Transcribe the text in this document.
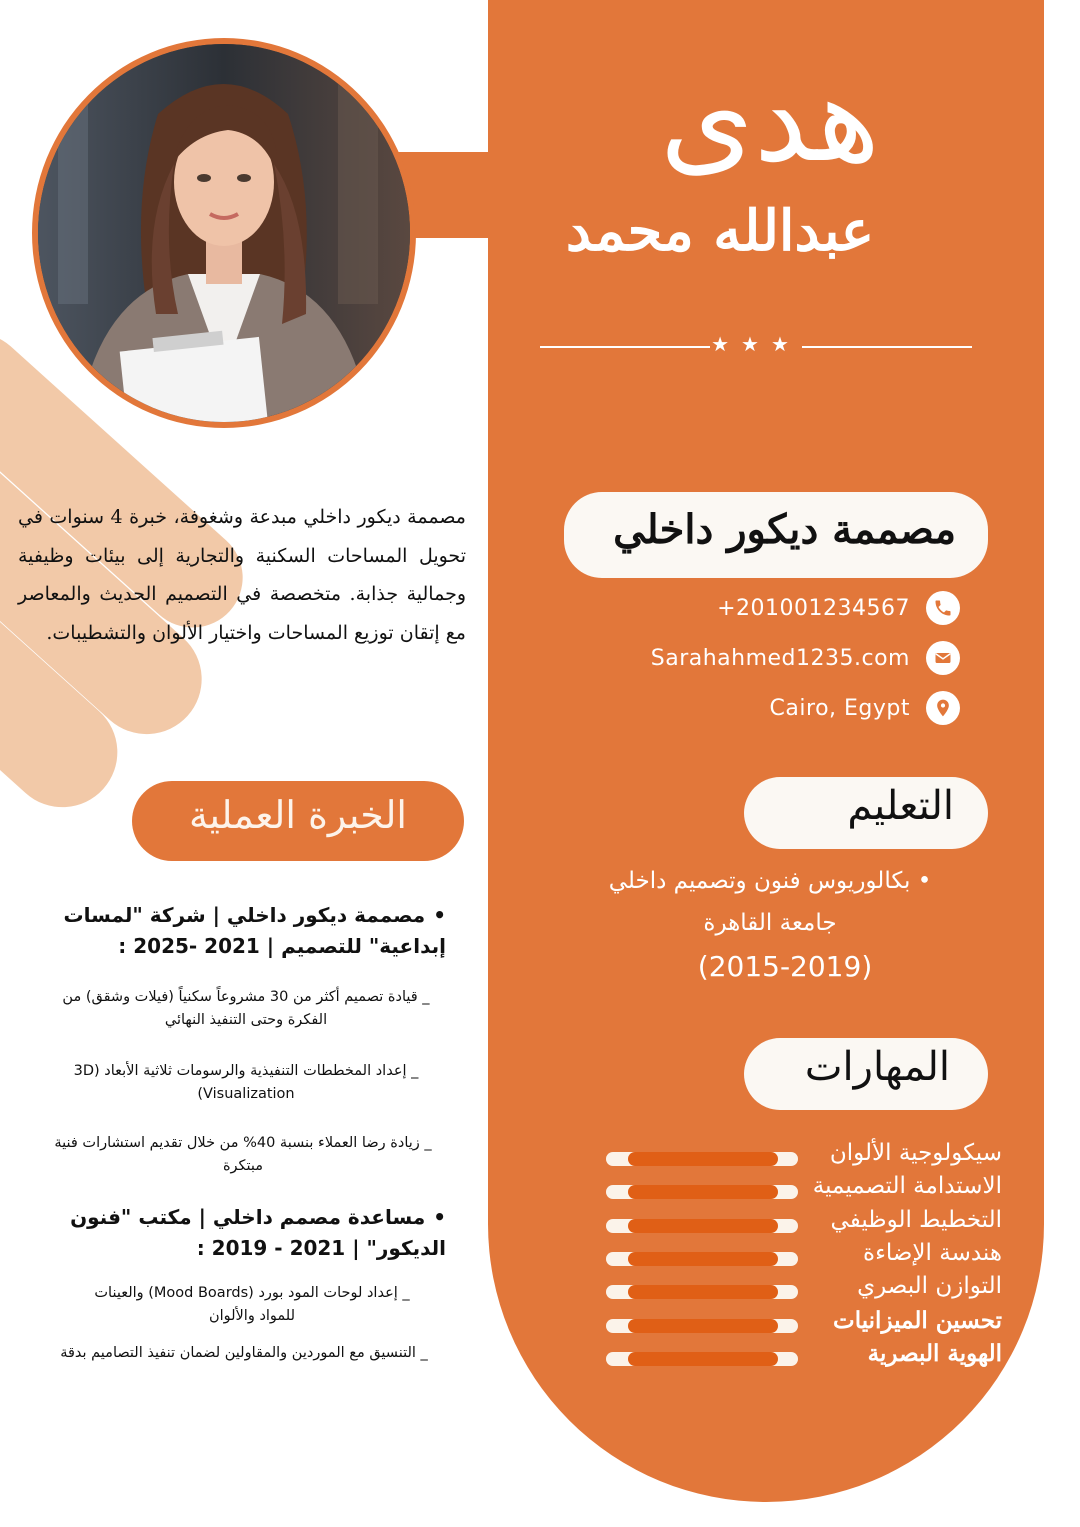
هدى
عبدالله محمد
★★★
مصممة ديكور داخلي
+201001234567
Sarahahmed1235.com
Cairo, Egypt
التعليم
• بكالوريوس فنون وتصميم داخلي
جامعة القاهرة
(2015-2019)
المهارات
سيكولوجية الألوان
الاستدامة التصميمية
التخطيط الوظيفي
هندسة الإضاءة
التوازن البصري
تحسين الميزانيات
الهوية البصرية
مصممة ديكور داخلي مبدعة وشغوفة، خبرة 4 سنوات في تحويل المساحات السكنية والتجارية إلى بيئات وظيفية وجمالية جذابة. متخصصة في التصميم الحديث والمعاصر مع إتقان توزيع المساحات واختيار الألوان والتشطيبات.
الخبرة العملية
•مصممة ديكور داخلي | شركة "لمسات إبداعية" للتصميم | 2021 -2025 :
_ قيادة تصميم أكثر من 30 مشروعاً سكنياً (فيلات وشقق) من الفكرة وحتى التنفيذ النهائي
_ إعداد المخططات التنفيذية والرسومات ثلاثية الأبعاد (3D Visualization)
_ زيادة رضا العملاء بنسبة 40% من خلال تقديم استشارات فنية مبتكرة
•مساعدة مصمم داخلي | مكتب "فنون الديكور" | 2021 - 2019 :
_ إعداد لوحات المود بورد (Mood Boards) والعينات للمواد والألوان
_ التنسيق مع الموردين والمقاولين لضمان تنفيذ التصاميم بدقة
